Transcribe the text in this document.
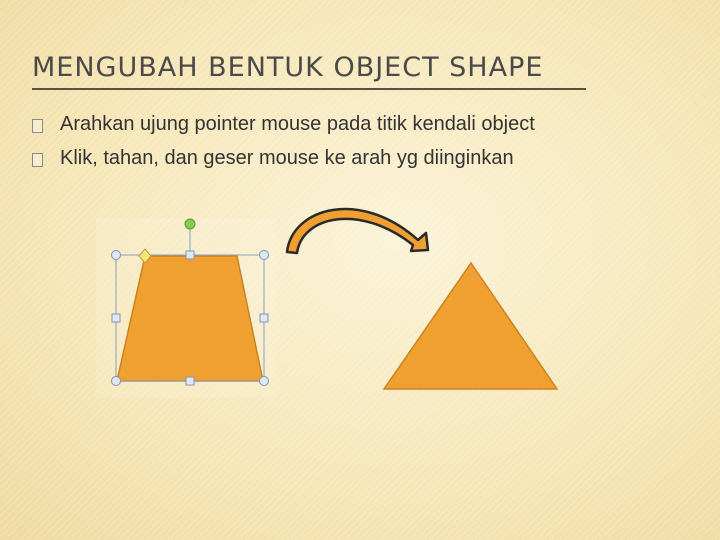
MENGUBAH BENTUK OBJECT SHAPE
Arahkan ujung pointer mouse pada titik kendali object
Klik, tahan, dan geser mouse ke arah yg diinginkan
